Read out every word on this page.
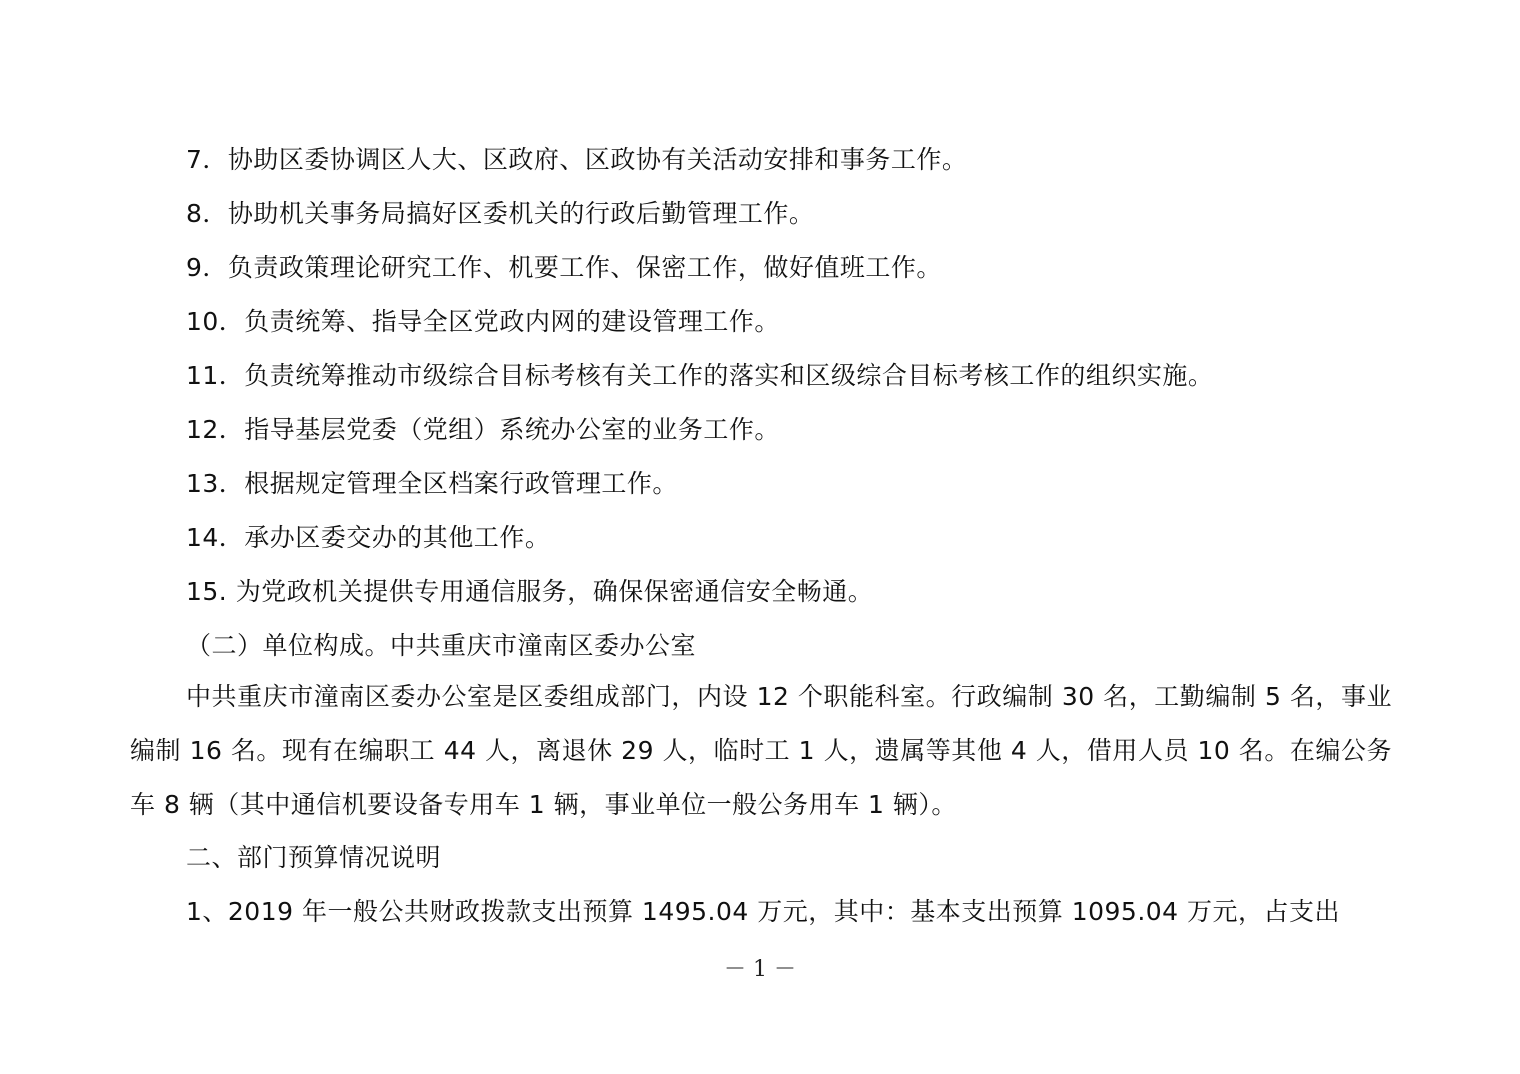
7．协助区委协调区人大、区政府、区政协有关活动安排和事务工作。
8．协助机关事务局搞好区委机关的行政后勤管理工作。
9．负责政策理论研究工作、机要工作、保密工作，做好值班工作。
10．负责统筹、指导全区党政内网的建设管理工作。
11．负责统筹推动市级综合目标考核有关工作的落实和区级综合目标考核工作的组织实施。
12．指导基层党委（党组）系统办公室的业务工作。
13．根据规定管理全区档案行政管理工作。
14．承办区委交办的其他工作。
15. 为党政机关提供专用通信服务，确保保密通信安全畅通。
（二）单位构成。中共重庆市潼南区委办公室
中共重庆市潼南区委办公室是区委组成部门，内设 12 个职能科室。行政编制 30 名，工勤编制 5 名，事业编制 16 名。现有在编职工 44 人，离退休 29 人，临时工 1 人，遗属等其他 4 人，借用人员 10 名。在编公务车 8 辆（其中通信机要设备专用车 1 辆，事业单位一般公务用车 1 辆）。
二、部门预算情况说明
1、2019 年一般公共财政拨款支出预算 1495.04 万元，其中：基本支出预算 1095.04 万元，占支出
－ 1 －
